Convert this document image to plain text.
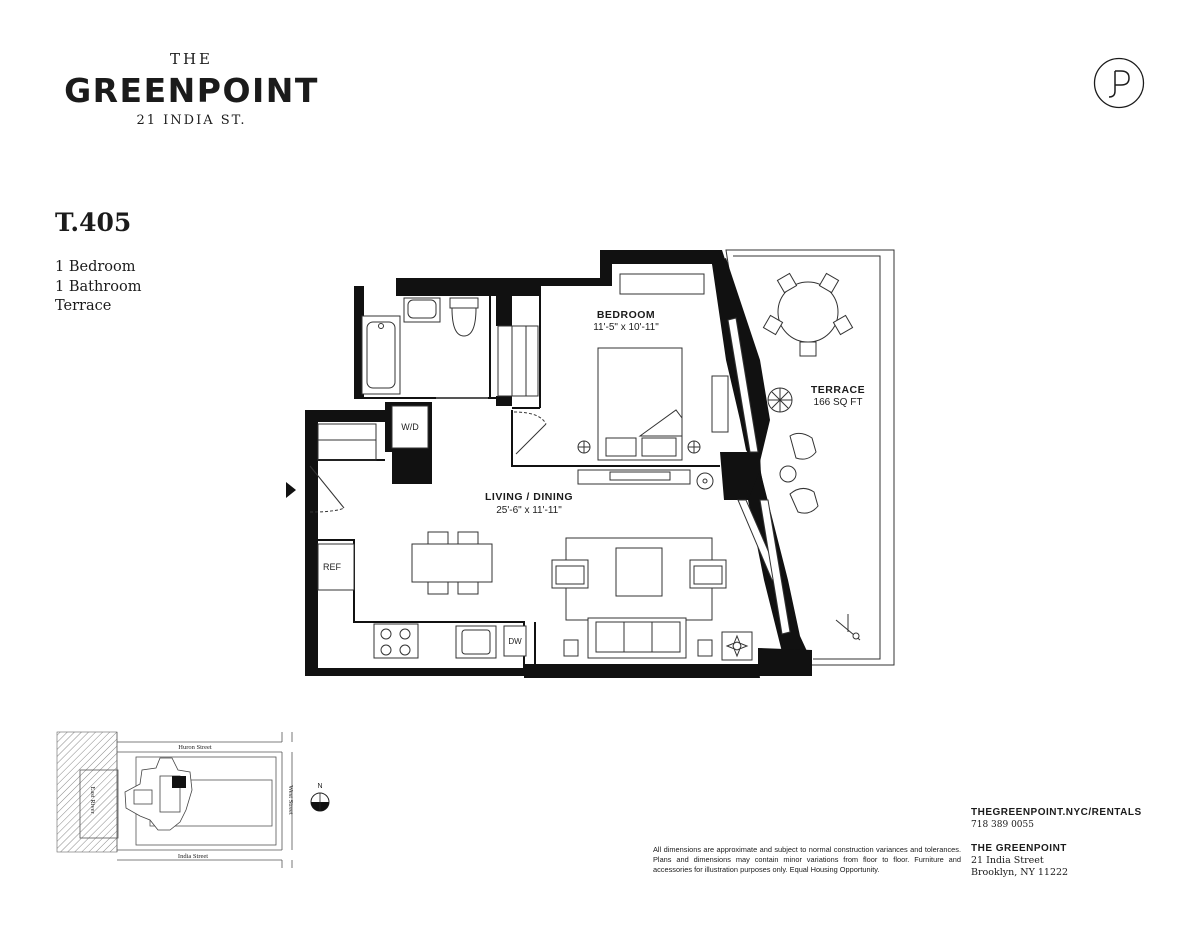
THE
GREENPOINT
21 INDIA ST.
T.405
1 Bedroom
1 Bathroom
Terrace
W/D
REF
DW
BEDROOM
11'-5" x 10'-11"
LIVING / DINING
25'-6" x 11'-11"
TERRACE
166 SQ FT
Huron Street
India Street
West Street
East River	N
All dimensions are approximate and subject to normal construction variances and tolerances. Plans and dimensions may contain minor variations from floor to floor. Furniture and accessories for illustration purposes only. Equal Housing Opportunity.
THEGREENPOINT.NYC/RENTALS
718 389 0055
THE GREENPOINT
21 India Street
Brooklyn, NY 11222
